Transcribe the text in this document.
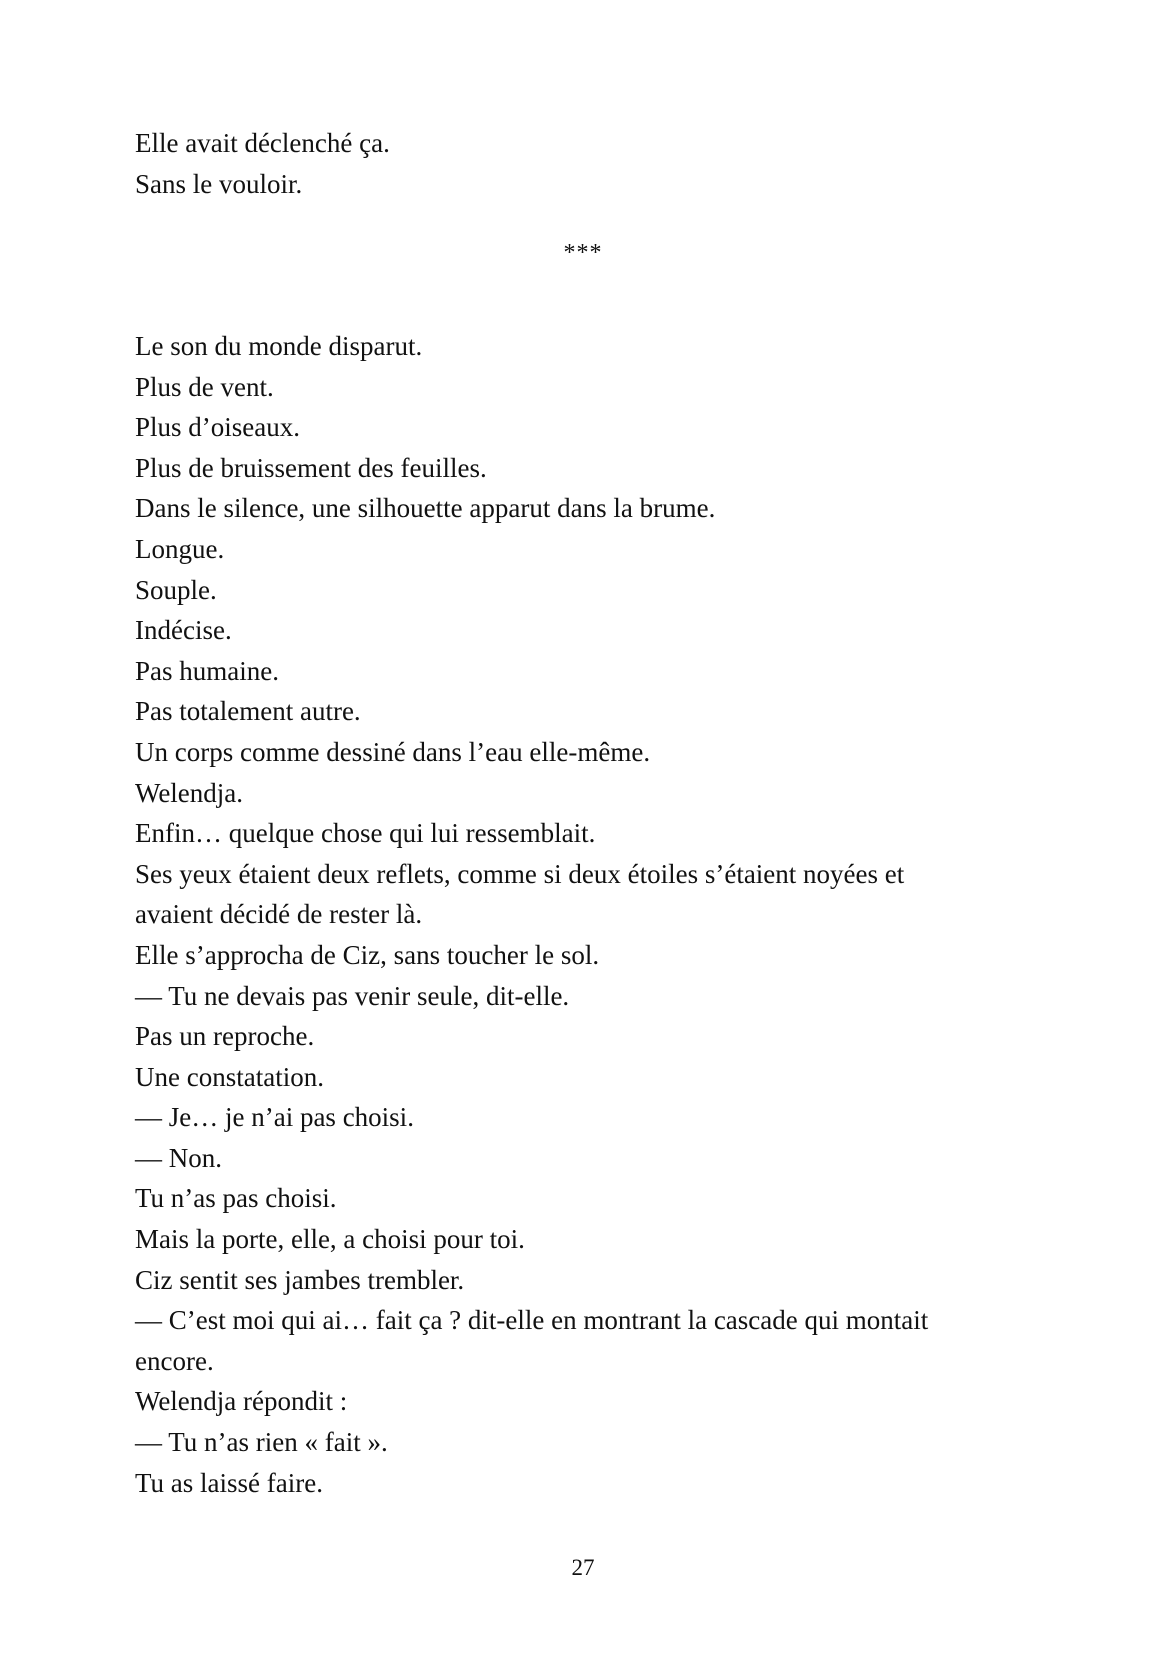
Elle avait déclenché ça.

Sans le vouloir.

***

Le son du monde disparut.

Plus de vent.

Plus d’oiseaux.

Plus de bruissement des feuilles.

Dans le silence, une silhouette apparut dans la brume.

Longue.

Souple.

Indécise.

Pas humaine.

Pas totalement autre.

Un corps comme dessiné dans l’eau elle-même.

Welendja.

Enfin… quelque chose qui lui ressemblait.

Ses yeux étaient deux reflets, comme si deux étoiles s’étaient noyées et

avaient décidé de rester là.

Elle s’approcha de Ciz, sans toucher le sol.

— Tu ne devais pas venir seule, dit-elle.

Pas un reproche.

Une constatation.

— Je… je n’ai pas choisi.

— Non.

Tu n’as pas choisi.

Mais la porte, elle, a choisi pour toi.

Ciz sentit ses jambes trembler.

— C’est moi qui ai… fait ça ? dit-elle en montrant la cascade qui montait

encore.

Welendja répondit :

— Tu n’as rien « fait ».

Tu as laissé faire.

27
